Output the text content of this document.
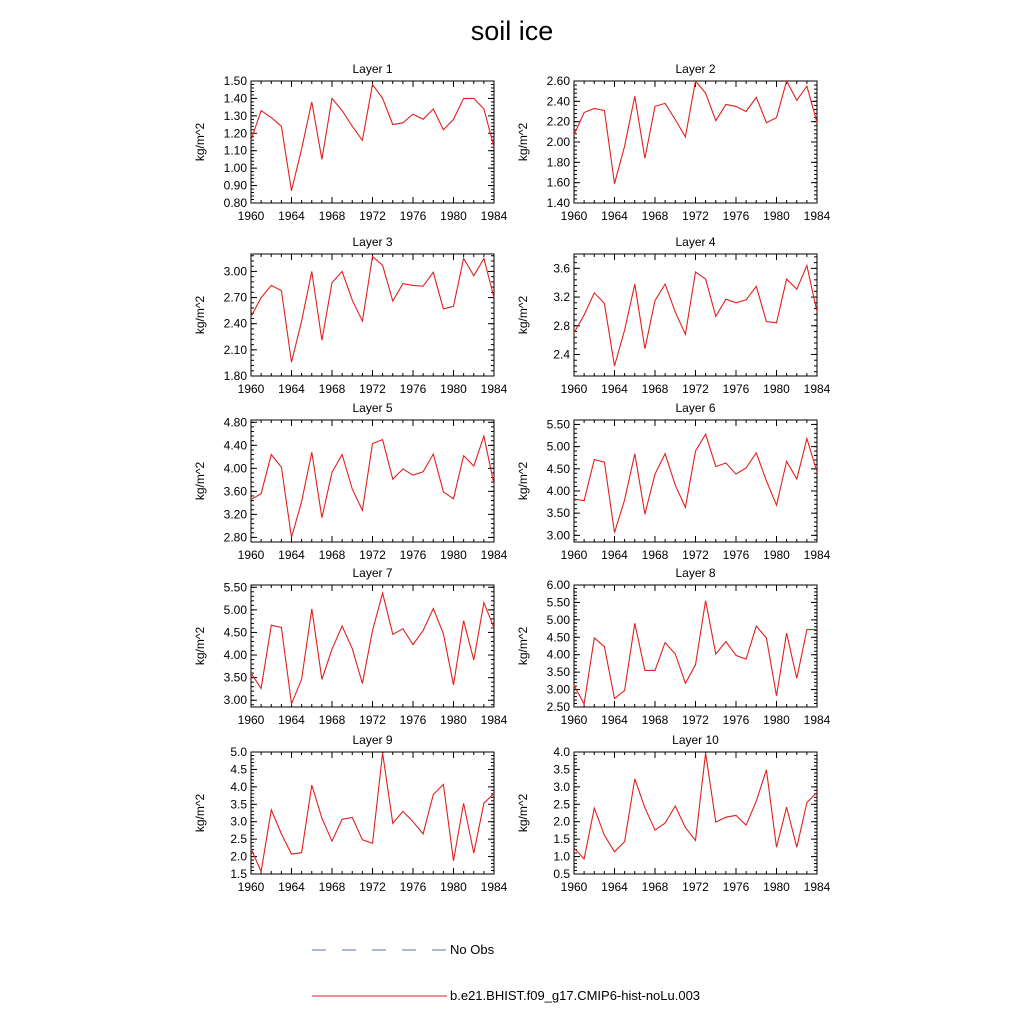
soil ice
1960 1964 1968 1972 1976 1980 1984
0.80
0.90
1.00
1.10
1.20
1.30
1.40
1.50
Layer 1
kg/m^2
1960 1964 1968 1972 1976 1980 1984
1.40
1.60
1.80
2.00
2.20
2.40
2.60
Layer 2
kg/m^2
1960 1964 1968 1972 1976 1980 1984
1.80
2.10
2.40
2.70
3.00
Layer 3
kg/m^2
1960 1964 1968 1972 1976 1980 1984
2.4
2.8
3.2
3.6
Layer 4
kg/m^2
1960 1964 1968 1972 1976 1980 1984
2.80
3.20
3.60
4.00
4.40
4.80
Layer 5
kg/m^2
1960 1964 1968 1972 1976 1980 1984
3.00
3.50
4.00
4.50
5.00
5.50
Layer 6
kg/m^2
1960 1964 1968 1972 1976 1980 1984
3.00
3.50
4.00
4.50
5.00
5.50
Layer 7
kg/m^2
1960 1964 1968 1972 1976 1980 1984
2.50
3.00
3.50
4.00
4.50
5.00
5.50
6.00
Layer 8
kg/m^2
1960 1964 1968 1972 1976 1980 1984
1.5
2.0
2.5
3.0
3.5
4.0
4.5
5.0
Layer 9
kg/m^2
1960 1964 1968 1972 1976 1980 1984
0.5
1.0
1.5
2.0
2.5
3.0
3.5
4.0
Layer 10
kg/m^2
No Obs
b.e21.BHIST.f09_g17.CMIP6-hist-noLu.003
